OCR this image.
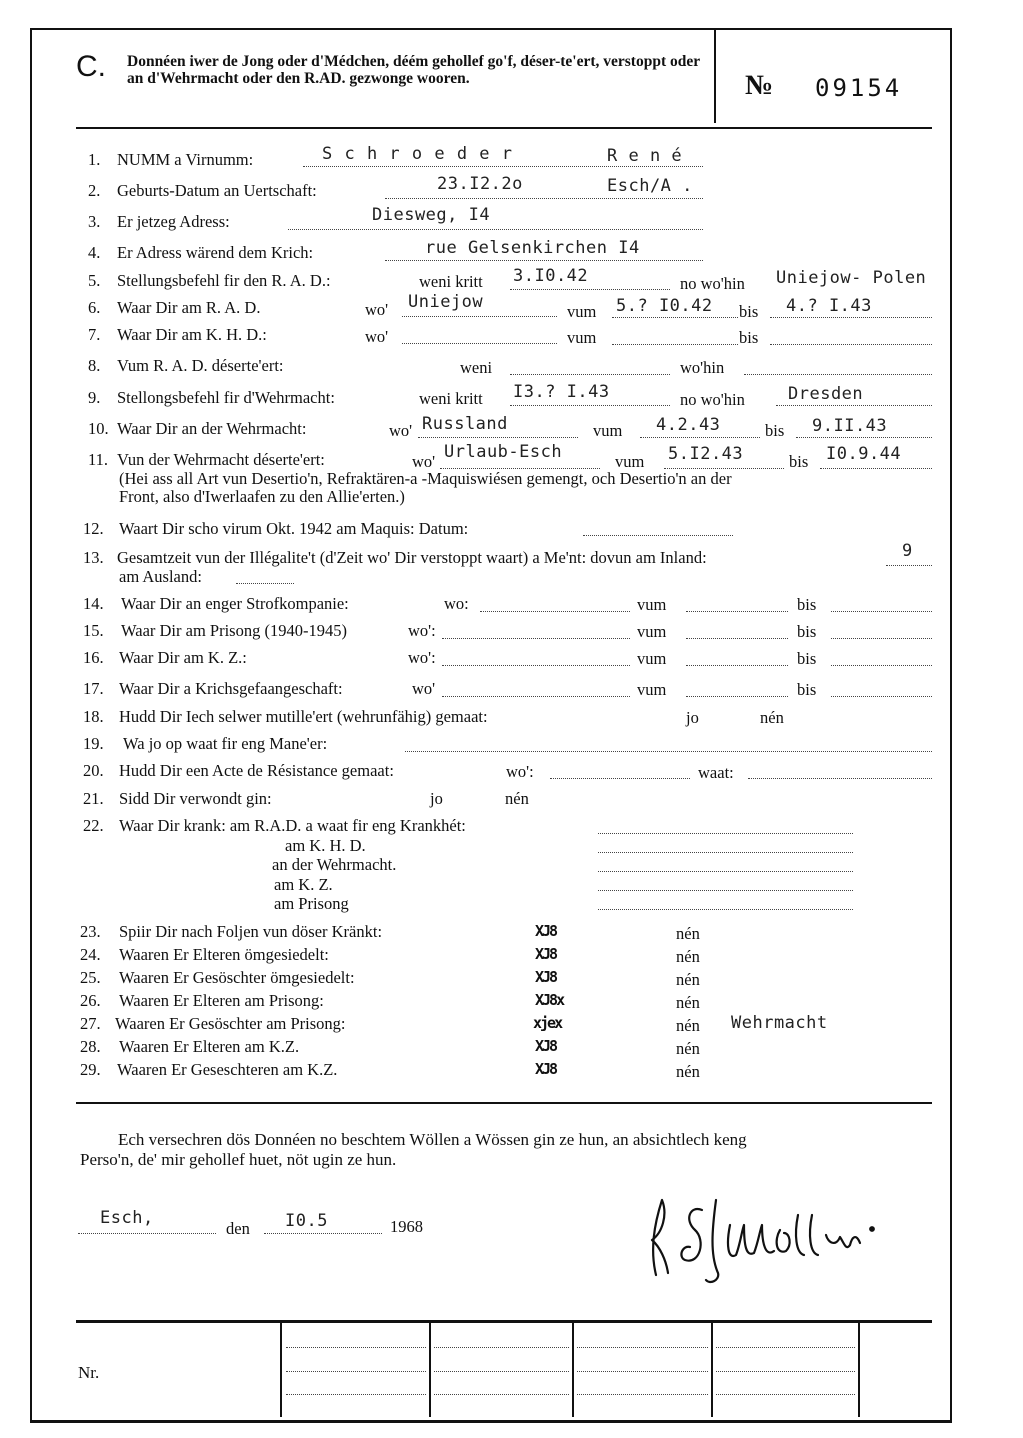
C. Donnéen iwer de Jong oder d'Médchen, déém gehollef go'f, déser-te'ert, verstoppt oder an d'Wehrmacht oder den R.AD. gezwonge wooren.	№ 09154
1. NUMM a Virnumm:	S c h r o e d e r	R e n é
2. Geburts-Datum an Uertschaft:	23.I2.2o	Esch/A .
3. Er jetzeg Adress:	Diesweg, I4
4. Er Adress wärend dem Krich:	rue Gelsenkirchen I4
5. Stellungsbefehl fir den R. A. D.:	weni kritt 3.I0.42	no wo'hin Uniejow- Polen
6. Waar Dir am R. A. D.	wo' Uniejow	vum 5.? I0.42 bis 4.? I.43
7. Waar Dir am K. H. D.:	wo'	vum	bis
8. Vum R. A. D. déserte'ert:	weni	wo'hin
9. Stellongsbefehl fir d'Wehrmacht:	weni kritt I3.? I.43	no wo'hin	Dresden
10. Waar Dir an der Wehrmacht:	wo' Russland	vum 4.2.43	bis 9.II.43
11. Vun der Wehrmacht déserte'ert:	wo' Urlaub-Esch	vum 5.I2.43	bis I0.9.44
(Hei ass all Art vun Desertio'n, Refraktären-a -Maquiswiésen gemengt, och Desertio'n an der
Front, also d'Iwerlaafen zu den Allie'erten.)
12. Waart Dir scho virum Okt. 1942 am Maquis: Datum:
13. Gesamtzeit vun der Illégalite't (d'Zeit wo' Dir verstoppt waart) a Me'nt: dovun am Inland:	9
am Ausland:
14. Waar Dir an enger Strofkompanie:	wo:	vum	bis
15. Waar Dir am Prisong (1940-1945)	wo':	vum	bis
16. Waar Dir am K. Z.:	wo':	vum	bis
17. Waar Dir a Krichsgefaangeschaft:	wo'	vum	bis
18. Hudd Dir Iech selwer mutille'ert (wehrunfähig) gemaat:	jo	nén
19. Wa jo op waat fir eng Mane'er:
20. Hudd Dir een Acte de Résistance gemaat:	wo':	waat:
21. Sidd Dir verwondt gin:	jo	nén
22. Waar Dir krank: am R.A.D. a waat fir eng Krankhét:
am K. H. D.
an der Wehrmacht.
am K. Z.
am Prisong
23. Spiir Dir nach Foljen vun döser Kränkt:	XJ8	nén
24. Waaren Er Elteren ömgesiedelt:	XJ8	nén
25. Waaren Er Gesöschter ömgesiedelt:	XJ8	nén
26. Waaren Er Elteren am Prisong:	XJ8x	nén
27. Waaren Er Gesöschter am Prisong:	xjex	nén Wehrmacht
28. Waaren Er Elteren am K.Z.	XJ8	nén
29. Waaren Er Geseschteren am K.Z.	XJ8	nén
Ech versechren dös Donnéen no beschtem Wöllen a Wössen gin ze hun, an absichtlech keng
Perso'n, de' mir gehollef huet, nöt ugin ze hun.
Esch,
den I0.5	1968
Nr.
